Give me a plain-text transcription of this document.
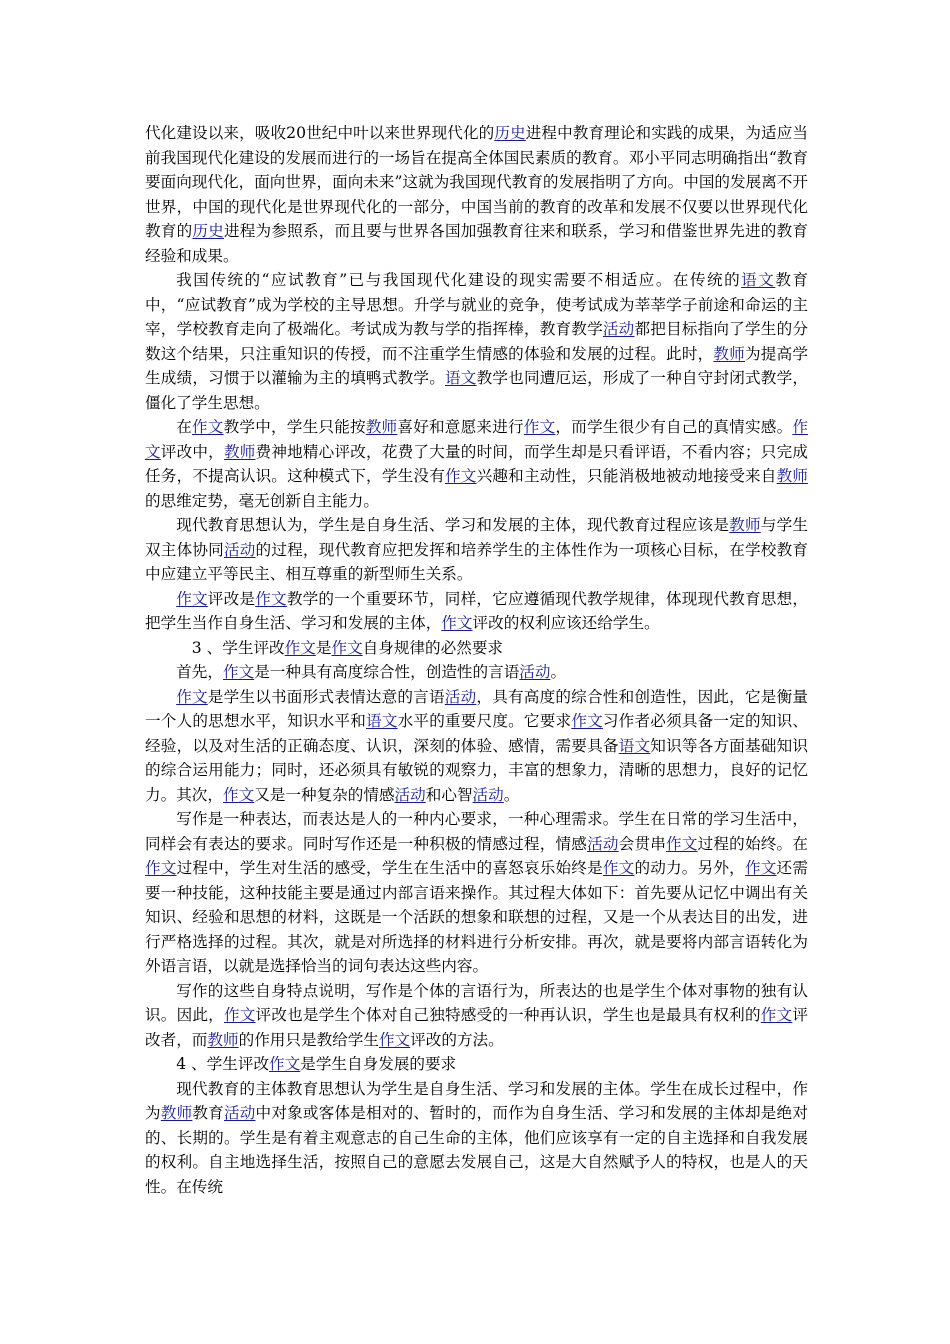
代化建设以来，吸收20世纪中叶以来世界现代化的历史进程中教育理论和实践的成果，为适应当前我国现代化建设的发展而进行的一场旨在提高全体国民素质的教育。邓小平同志明确指出“教育要面向现代化，面向世界，面向未来”这就为我国现代教育的发展指明了方向。中国的发展离不开世界，中国的现代化是世界现代化的一部分，中国当前的教育的改革和发展不仅要以世界现代化教育的历史进程为参照系，而且要与世界各国加强教育往来和联系，学习和借鉴世界先进的教育经验和成果。

我国传统的“应试教育”已与我国现代化建设的现实需要不相适应。在传统的语文教育中，“应试教育”成为学校的主导思想。升学与就业的竞争，使考试成为莘莘学子前途和命运的主宰，学校教育走向了极端化。考试成为教与学的指挥棒，教育教学活动都把目标指向了学生的分数这个结果，只注重知识的传授，而不注重学生情感的体验和发展的过程。此时，教师为提高学生成绩，习惯于以灌输为主的填鸭式教学。语文教学也同遭厄运，形成了一种自守封闭式教学，僵化了学生思想。

在作文教学中，学生只能按教师喜好和意愿来进行作文，而学生很少有自己的真情实感。作文评改中，教师费神地精心评改，花费了大量的时间，而学生却是只看评语，不看内容；只完成任务，不提高认识。这种模式下，学生没有作文兴趣和主动性，只能消极地被动地接受来自教师的思维定势，毫无创新自主能力。

现代教育思想认为，学生是自身生活、学习和发展的主体，现代教育过程应该是教师与学生双主体协同活动的过程，现代教育应把发挥和培养学生的主体性作为一项核心目标，在学校教育中应建立平等民主、相互尊重的新型师生关系。

作文评改是作文教学的一个重要环节，同样，它应遵循现代教学规律，体现现代教育思想，把学生当作自身生活、学习和发展的主体，作文评改的权利应该还给学生。

3 、学生评改作文是作文自身规律的必然要求

首先，作文是一种具有高度综合性，创造性的言语活动。

作文是学生以书面形式表情达意的言语活动，具有高度的综合性和创造性，因此，它是衡量一个人的思想水平，知识水平和语文水平的重要尺度。它要求作文习作者必须具备一定的知识、经验，以及对生活的正确态度、认识，深刻的体验、感情，需要具备语文知识等各方面基础知识的综合运用能力；同时，还必须具有敏锐的观察力，丰富的想象力，清晰的思想力，良好的记忆力。其次，作文又是一种复杂的情感活动和心智活动。

写作是一种表达，而表达是人的一种内心要求，一种心理需求。学生在日常的学习生活中，同样会有表达的要求。同时写作还是一种积极的情感过程，情感活动会贯串作文过程的始终。在作文过程中，学生对生活的感受，学生在生活中的喜怒哀乐始终是作文的动力。另外，作文还需要一种技能，这种技能主要是通过内部言语来操作。其过程大体如下：首先要从记忆中调出有关知识、经验和思想的材料，这既是一个活跃的想象和联想的过程，又是一个从表达目的出发，进行严格选择的过程。其次，就是对所选择的材料进行分析安排。再次，就是要将内部言语转化为外语言语，以就是选择恰当的词句表达这些内容。

写作的这些自身特点说明，写作是个体的言语行为，所表达的也是学生个体对事物的独有认识。因此，作文评改也是学生个体对自己独特感受的一种再认识，学生也是最具有权利的作文评改者，而教师的作用只是教给学生作文评改的方法。

4 、学生评改作文是学生自身发展的要求

现代教育的主体教育思想认为学生是自身生活、学习和发展的主体。学生在成长过程中，作为教师教育活动中对象或客体是相对的、暂时的，而作为自身生活、学习和发展的主体却是绝对的、长期的。学生是有着主观意志的自己生命的主体，他们应该享有一定的自主选择和自我发展的权利。自主地选择生活，按照自己的意愿去发展自己，这是大自然赋予人的特权，也是人的天性。在传统
